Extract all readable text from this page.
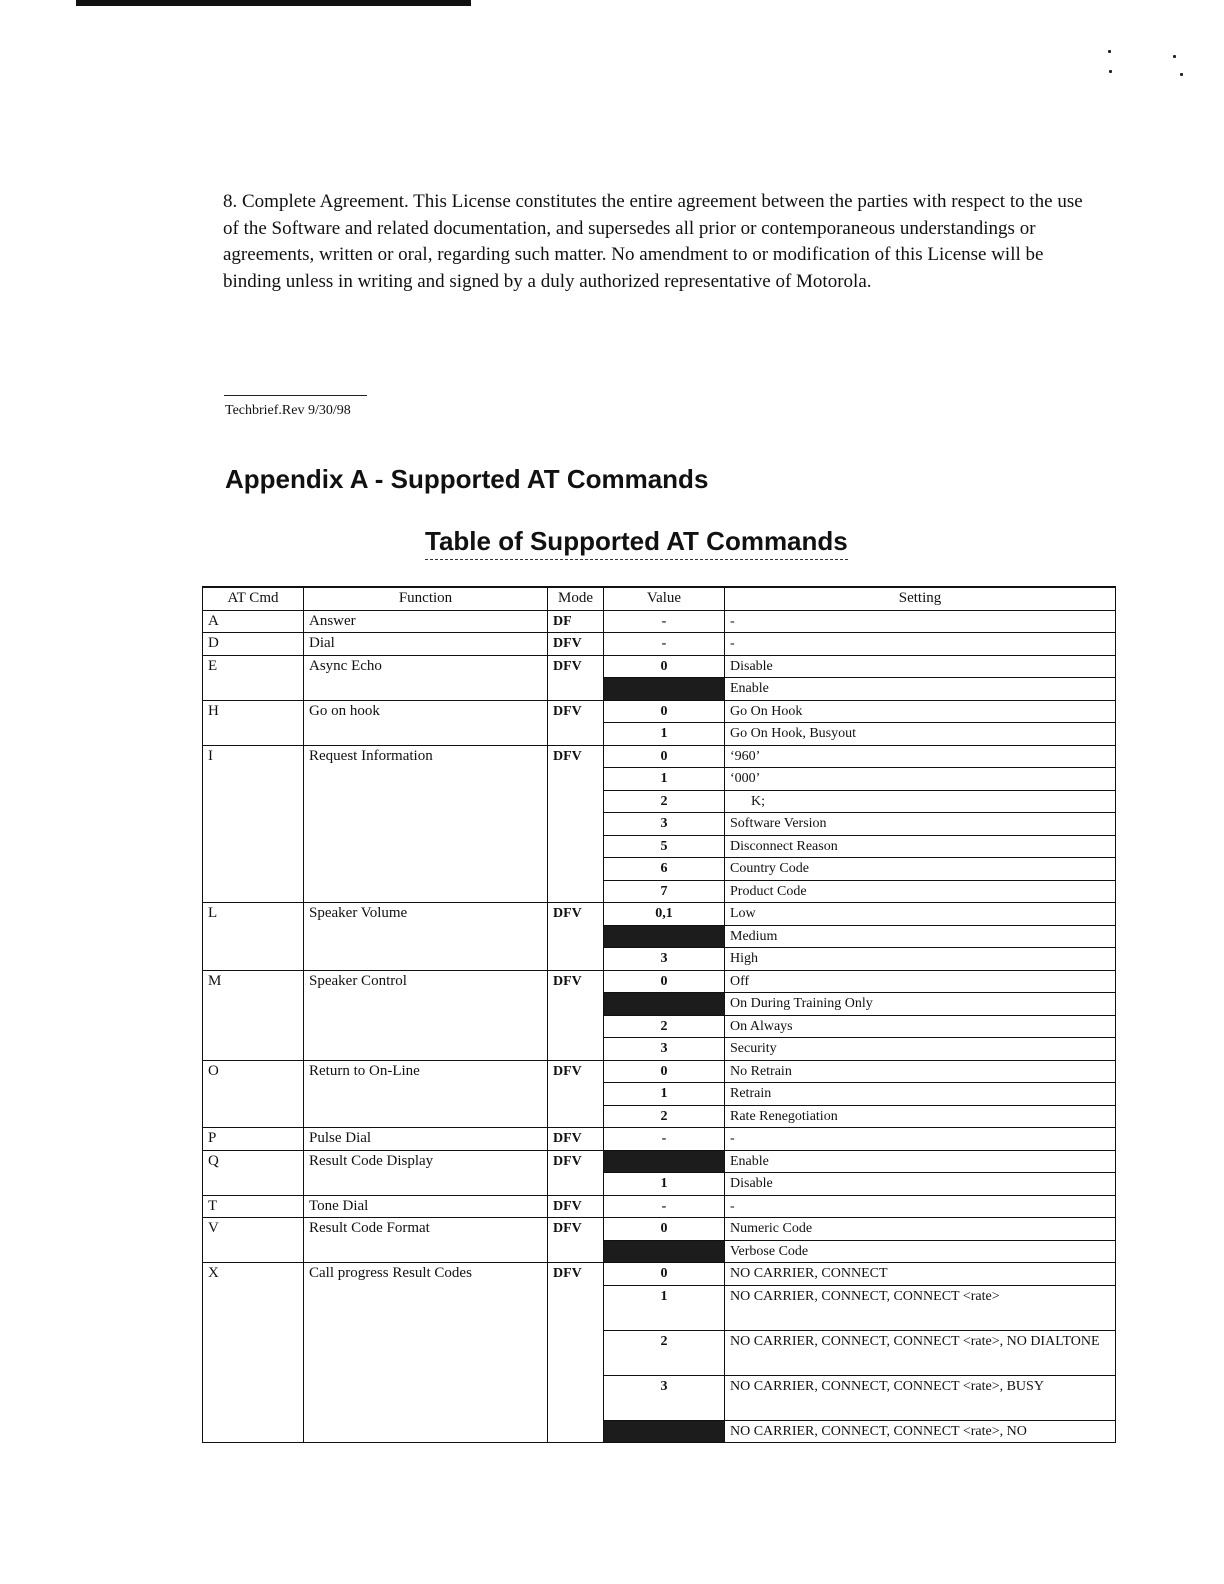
8. Complete Agreement. This License constitutes the entire agreement between the parties with respect to the use of the Software and related documentation, and supersedes all prior or contemporaneous understandings or agreements, written or oral, regarding such matter. No amendment to or modification of this License will be binding unless in writing and signed by a duly authorized representative of Motorola.

Techbrief.Rev 9/30/98
Appendix A - Supported AT Commands
Table of Supported AT Commands
AT Cmd	Function	Mode	Value	Setting
A	Answer	DF	-	-
D	Dial	DFV	-	-
E	Async Echo	DFV	0	Disable
				Enable
H	Go on hook	DFV	0	Go On Hook
			1	Go On Hook, Busyout
I	Request Information	DFV	0	‘960’
			1	‘000’
			2	K;
			3	Software Version
			5	Disconnect Reason
			6	Country Code
			7	Product Code
L	Speaker Volume	DFV	0,1	Low
				Medium
			3	High
M	Speaker Control	DFV	0	Off
				On During Training Only
			2	On Always
			3	Security
O	Return to On-Line	DFV	0	No Retrain
			1	Retrain
			2	Rate Renegotiation
P	Pulse Dial	DFV	-	-
Q	Result Code Display	DFV		Enable
			1	Disable
T	Tone Dial	DFV	-	-
V	Result Code Format	DFV	0	Numeric Code
				Verbose Code
X	Call progress Result Codes	DFV	0	NO CARRIER, CONNECT
			1	NO CARRIER, CONNECT, CONNECT <rate>
			2	NO CARRIER, CONNECT, CONNECT <rate>, NO DIALTONE
			3	NO CARRIER, CONNECT, CONNECT <rate>, BUSY
				NO CARRIER, CONNECT, CONNECT <rate>, NO
